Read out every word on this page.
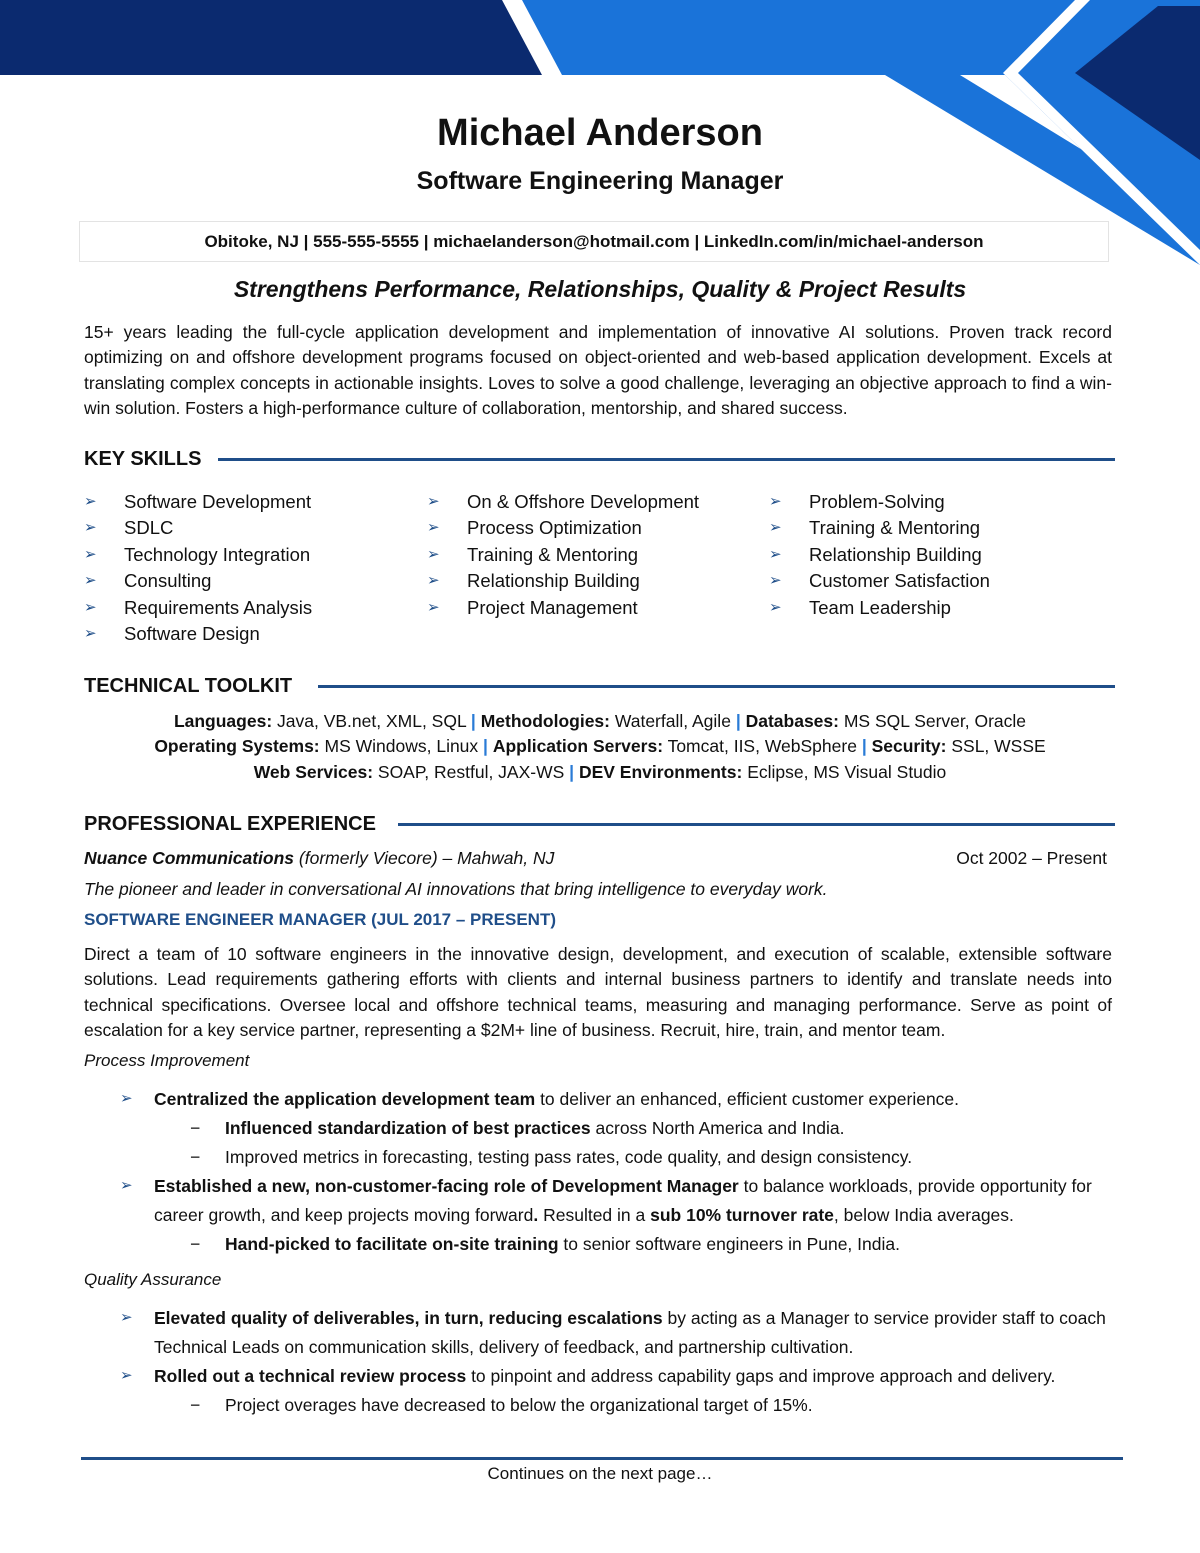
Michael Anderson
Software Engineering Manager
Obitoke, NJ | 555-555-5555 | michaelanderson@hotmail.com | LinkedIn.com/in/michael-anderson
Strengthens Performance, Relationships, Quality & Project Results
15+ years leading the full-cycle application development and implementation of innovative AI solutions. Proven track record optimizing on and offshore development programs focused on object-oriented and web-based application development. Excels at translating complex concepts in actionable insights. Loves to solve a good challenge, leveraging an objective approach to find a win-win solution. Fosters a high-performance culture of collaboration, mentorship, and shared success.
KEY SKILLS
➢	Software Development
➢	SDLC
➢	Technology Integration
➢	Consulting
➢	Requirements Analysis
➢	Software Design
➢	On & Offshore Development
➢	Process Optimization
➢	Training & Mentoring
➢	Relationship Building
➢	Project Management
➢	Problem-Solving
➢	Training & Mentoring
➢	Relationship Building
➢	Customer Satisfaction
➢	Team Leadership
TECHNICAL TOOLKIT
Languages: Java, VB.net, XML, SQL | Methodologies: Waterfall, Agile | Databases: MS SQL Server, Oracle
Operating Systems: MS Windows, Linux | Application Servers: Tomcat, IIS, WebSphere | Security: SSL, WSSE
Web Services: SOAP, Restful, JAX-WS | DEV Environments: Eclipse, MS Visual Studio
PROFESSIONAL EXPERIENCE
Nuance Communications (formerly Viecore) – Mahwah, NJ	Oct 2002 – Present
The pioneer and leader in conversational AI innovations that bring intelligence to everyday work.
SOFTWARE ENGINEER MANAGER (JUL 2017 – PRESENT)
Direct a team of 10 software engineers in the innovative design, development, and execution of scalable, extensible software solutions. Lead requirements gathering efforts with clients and internal business partners to identify and translate needs into technical specifications. Oversee local and offshore technical teams, measuring and managing performance. Serve as point of escalation for a key service partner, representing a $2M+ line of business. Recruit, hire, train, and mentor team.
Process Improvement
➢ Centralized the application development team to deliver an enhanced, efficient customer experience.
− Influenced standardization of best practices across North America and India.
− Improved metrics in forecasting, testing pass rates, code quality, and design consistency.
➢ Established a new, non-customer-facing role of Development Manager to balance workloads, provide opportunity for career growth, and keep projects moving forward. Resulted in a sub 10% turnover rate, below India averages.
− Hand-picked to facilitate on-site training to senior software engineers in Pune, India.
Quality Assurance
➢ Elevated quality of deliverables, in turn, reducing escalations by acting as a Manager to service provider staff to coach Technical Leads on communication skills, delivery of feedback, and partnership cultivation.
➢ Rolled out a technical review process to pinpoint and address capability gaps and improve approach and delivery.
− Project overages have decreased to below the organizational target of 15%.
Continues on the next page…
